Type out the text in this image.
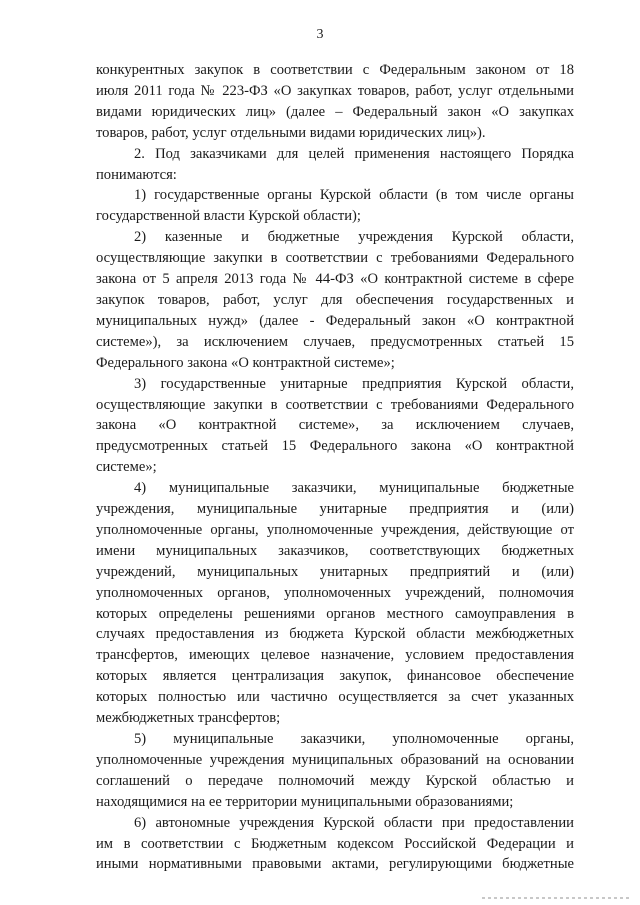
3

конкурентных закупок в соответствии с Федеральным законом от 18

июля 2011 года № 223-ФЗ «О закупках товаров, работ, услуг отдельными

видами юридических лиц» (далее – Федеральный закон «О закупках

товаров, работ, услуг отдельными видами юридических лиц»).

2. Под заказчиками для целей применения настоящего Порядка

понимаются:

1) государственные органы Курской области (в том числе органы

государственной власти Курской области);

2) казенные и бюджетные учреждения Курской области,

осуществляющие закупки в соответствии с требованиями Федерального

закона от 5 апреля 2013 года № 44-ФЗ «О контрактной системе в сфере

закупок товаров, работ, услуг для обеспечения государственных и

муниципальных нужд» (далее - Федеральный закон «О контрактной

системе»), за исключением случаев, предусмотренных статьей 15

Федерального закона «О контрактной системе»;

3) государственные унитарные предприятия Курской области,

осуществляющие закупки в соответствии с требованиями Федерального

закона «О контрактной системе», за исключением случаев,

предусмотренных статьей 15 Федерального закона «О контрактной

системе»;

4) муниципальные заказчики, муниципальные бюджетные

учреждения, муниципальные унитарные предприятия и (или)

уполномоченные органы, уполномоченные учреждения, действующие от

имени муниципальных заказчиков, соответствующих бюджетных

учреждений, муниципальных унитарных предприятий и (или)

уполномоченных органов, уполномоченных учреждений, полномочия

которых определены решениями органов местного самоуправления в

случаях предоставления из бюджета Курской области межбюджетных

трансфертов, имеющих целевое назначение, условием предоставления

которых является централизация закупок, финансовое обеспечение

которых полностью или частично осуществляется за счет указанных

межбюджетных трансфертов;

5) муниципальные заказчики, уполномоченные органы,

уполномоченные учреждения муниципальных образований на основании

соглашений о передаче полномочий между Курской областью и

находящимися на ее территории муниципальными образованиями;

6) автономные учреждения Курской области при предоставлении

им в соответствии с Бюджетным кодексом Российской Федерации и

иными нормативными правовыми актами, регулирующими бюджетные
